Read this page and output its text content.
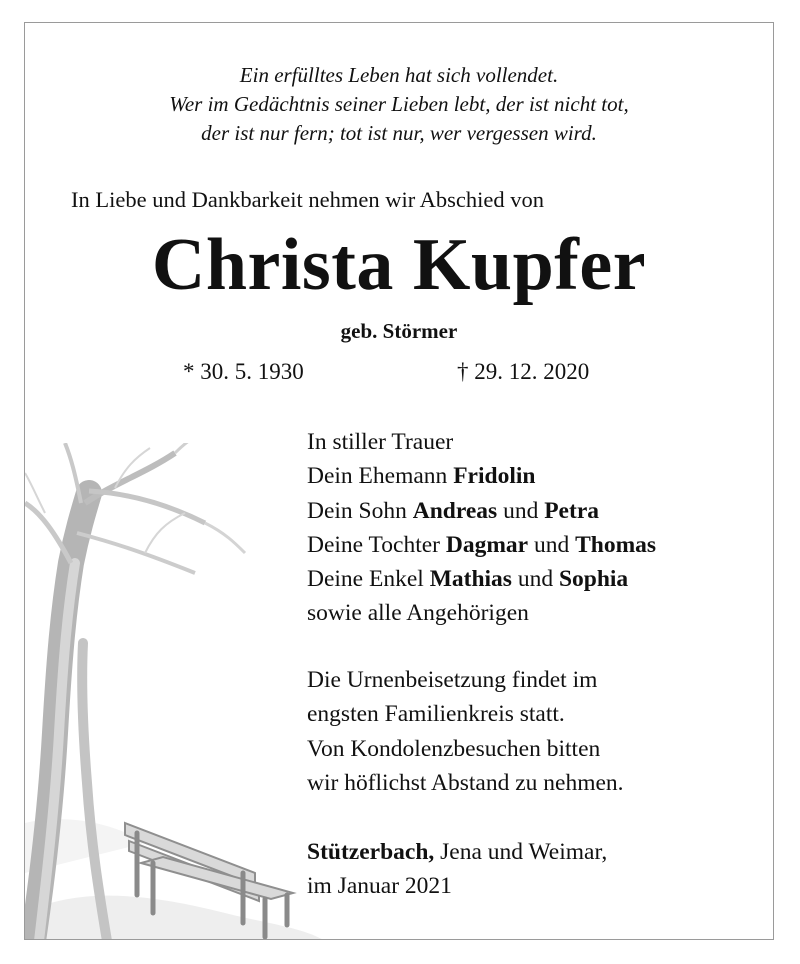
Ein erfülltes Leben hat sich vollendet.
Wer im Gedächtnis seiner Lieben lebt, der ist nicht tot,
der ist nur fern; tot ist nur, wer vergessen wird.
In Liebe und Dankbarkeit nehmen wir Abschied von
Christa Kupfer
geb. Störmer
* 30. 5. 1930	† 29. 12. 2020
In stiller Trauer
Dein Ehemann Fridolin
Dein Sohn Andreas und Petra
Deine Tochter Dagmar und Thomas
Deine Enkel Mathias und Sophia
sowie alle Angehörigen
Die Urnenbeisetzung findet im
engsten Familienkreis statt.
Von Kondolenzbesuchen bitten
wir höflichst Abstand zu nehmen.
Stützerbach, Jena und Weimar,
im Januar 2021
